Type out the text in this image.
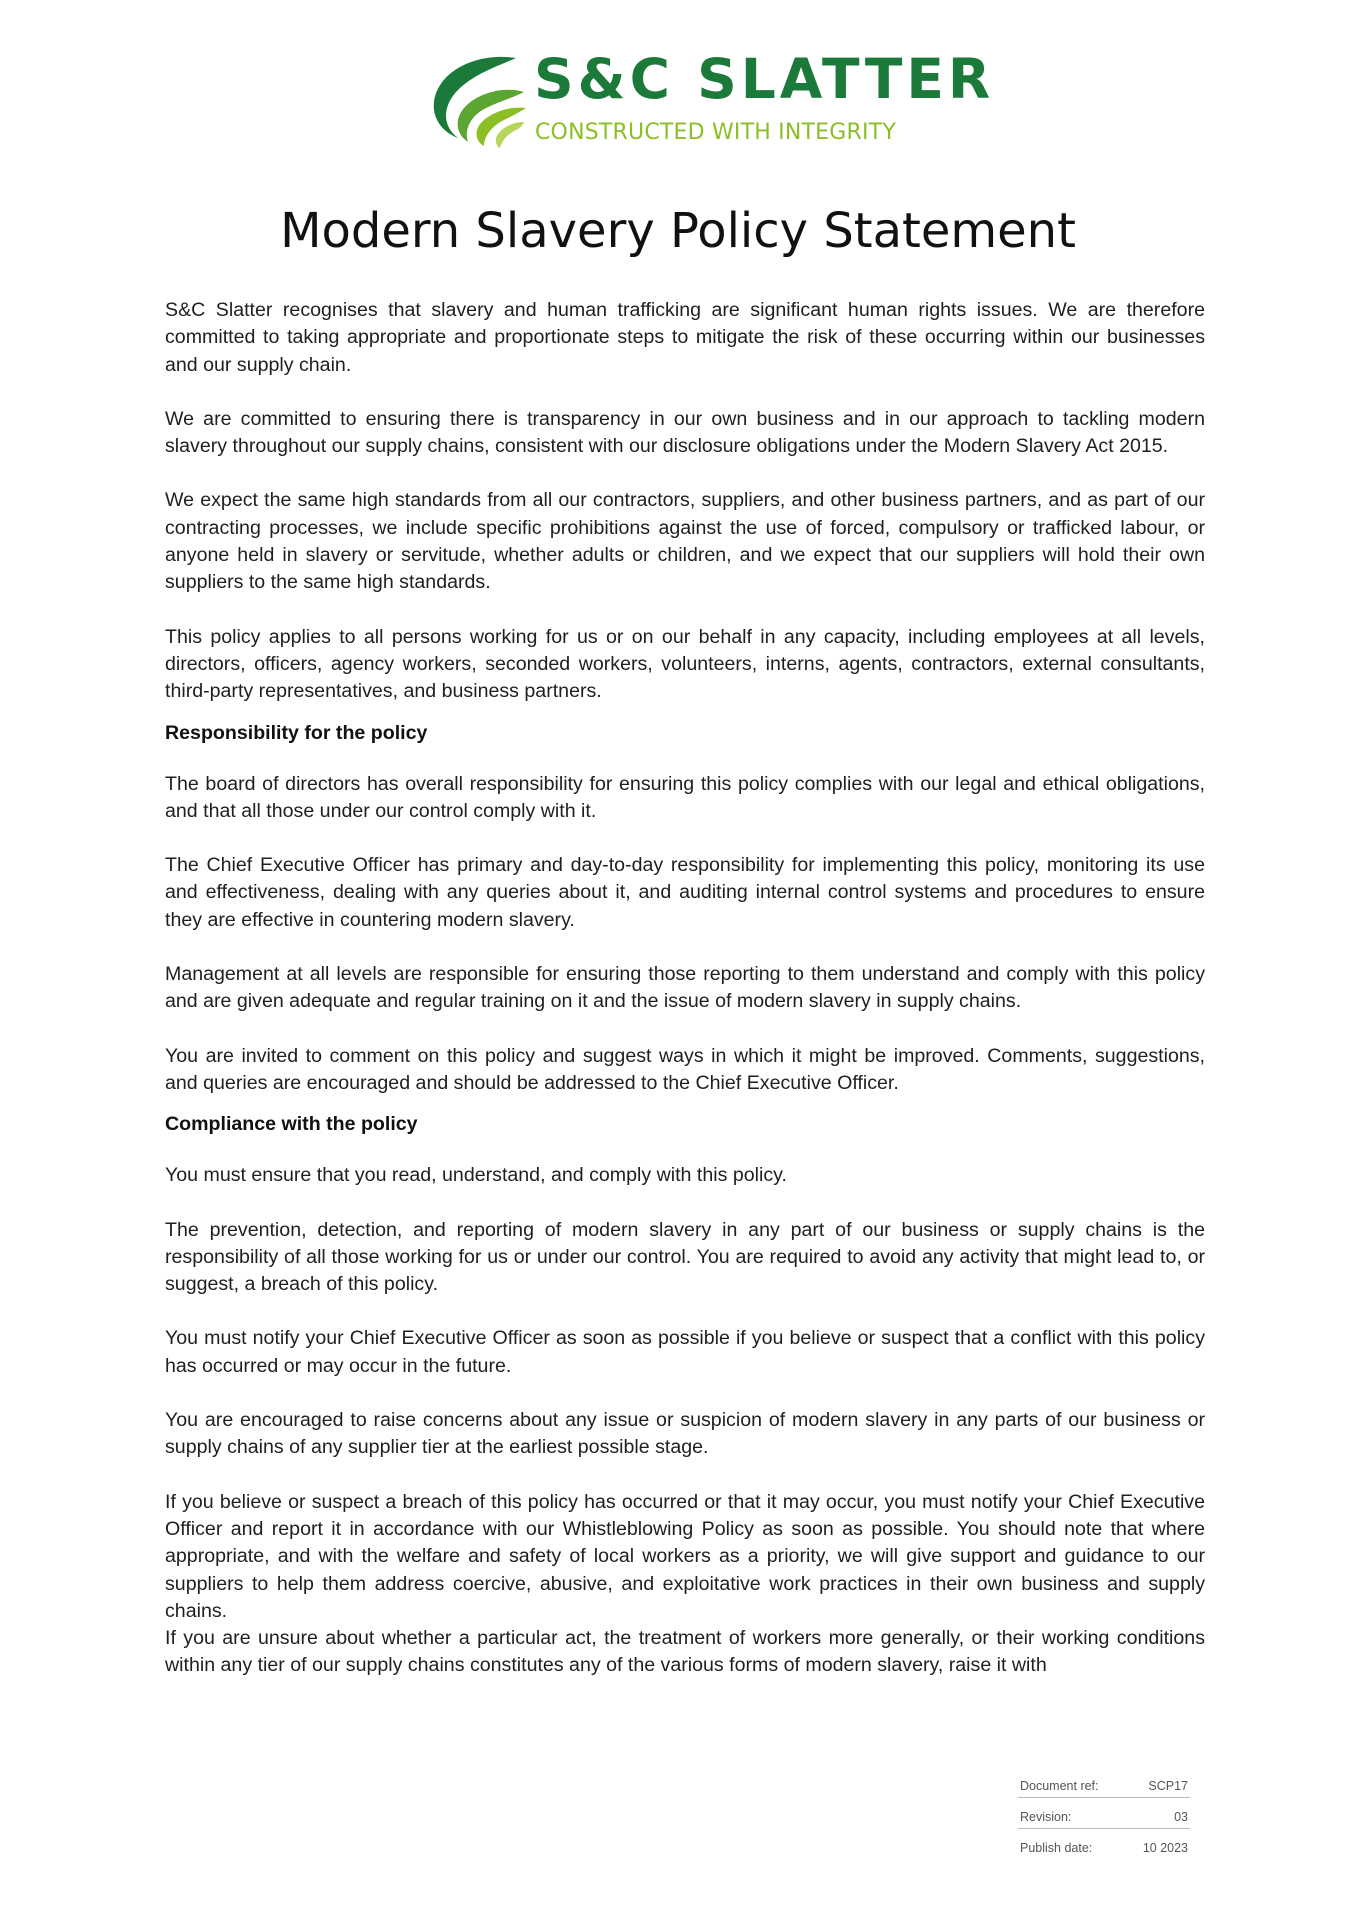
S&C SLATTER
CONSTRUCTED WITH INTEGRITY
Modern Slavery Policy Statement

S&C Slatter recognises that slavery and human trafficking are significant human rights issues. We are therefore committed to taking appropriate and proportionate steps to mitigate the risk of these occurring within our businesses and our supply chain.

We are committed to ensuring there is transparency in our own business and in our approach to tackling modern slavery throughout our supply chains, consistent with our disclosure obligations under the Modern Slavery Act 2015.

We expect the same high standards from all our contractors, suppliers, and other business partners, and as part of our contracting processes, we include specific prohibitions against the use of forced, compulsory or trafficked labour, or anyone held in slavery or servitude, whether adults or children, and we expect that our suppliers will hold their own suppliers to the same high standards.

This policy applies to all persons working for us or on our behalf in any capacity, including employees at all levels, directors, officers, agency workers, seconded workers, volunteers, interns, agents, contractors, external consultants, third-party representatives, and business partners.

Responsibility for the policy

The board of directors has overall responsibility for ensuring this policy complies with our legal and ethical obligations, and that all those under our control comply with it.

The Chief Executive Officer has primary and day-to-day responsibility for implementing this policy, monitoring its use and effectiveness, dealing with any queries about it, and auditing internal control systems and procedures to ensure they are effective in countering modern slavery.

Management at all levels are responsible for ensuring those reporting to them understand and comply with this policy and are given adequate and regular training on it and the issue of modern slavery in supply chains.

You are invited to comment on this policy and suggest ways in which it might be improved. Comments, suggestions, and queries are encouraged and should be addressed to the Chief Executive Officer.

Compliance with the policy

You must ensure that you read, understand, and comply with this policy.

The prevention, detection, and reporting of modern slavery in any part of our business or supply chains is the responsibility of all those working for us or under our control. You are required to avoid any activity that might lead to, or suggest, a breach of this policy.

You must notify your Chief Executive Officer as soon as possible if you believe or suspect that a conflict with this policy has occurred or may occur in the future.

You are encouraged to raise concerns about any issue or suspicion of modern slavery in any parts of our business or supply chains of any supplier tier at the earliest possible stage.

If you believe or suspect a breach of this policy has occurred or that it may occur, you must notify your Chief Executive Officer and report it in accordance with our Whistleblowing Policy as soon as possible. You should note that where appropriate, and with the welfare and safety of local workers as a priority, we will give support and guidance to our suppliers to help them address coercive, abusive, and exploitative work practices in their own business and supply chains.

If you are unsure about whether a particular act, the treatment of workers more generally, or their working conditions within any tier of our supply chains constitutes any of the various forms of modern slavery, raise it with

Document ref:	SCP17
Revision:	03
Publish date:	10 2023
